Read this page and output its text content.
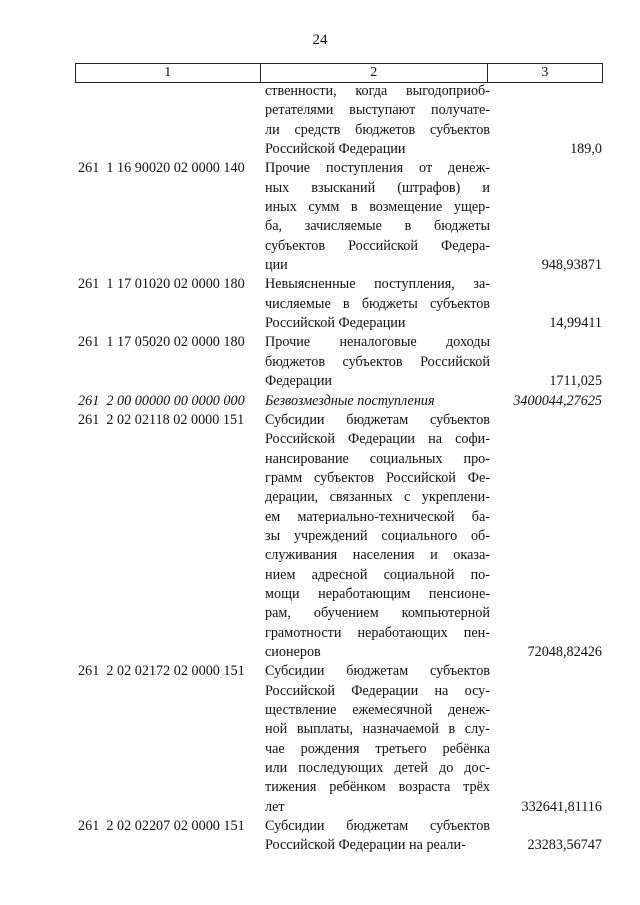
24
1	2	3
ственности, когда выгодоприоб-
ретателями выступают получате-
ли средств бюджетов субъектов
Российской Федерации	189,0
261  1 16 90020 02 0000 140	Прочие поступления от денеж-
ных взысканий (штрафов) и
иных сумм в возмещение ущер-
ба, зачисляемые в бюджеты
субъектов Российской Федера-
ции	948,93871
261  1 17 01020 02 0000 180	Невыясненные поступления, за-
числяемые в бюджеты субъектов
Российской Федерации	14,99411
261  1 17 05020 02 0000 180	Прочие неналоговые доходы
бюджетов субъектов Российской
Федерации	1711,025
261  2 00 00000 00 0000 000	Безвозмездные поступления	3400044,27625
261  2 02 02118 02 0000 151	Субсидии бюджетам субъектов
Российской Федерации на софи-
нансирование социальных про-
грамм субъектов Российской Фе-
дерации, связанных с укреплени-
ем материально-технической ба-
зы учреждений социального об-
служивания населения и оказа-
нием адресной социальной по-
мощи неработающим пенсионе-
рам, обучением компьютерной
грамотности неработающих пен-
сионеров	72048,82426
261  2 02 02172 02 0000 151	Субсидии бюджетам субъектов
Российской Федерации на осу-
ществление ежемесячной денеж-
ной выплаты, назначаемой в слу-
чае рождения третьего ребёнка
или последующих детей до дос-
тижения ребёнком возраста трёх
лет	332641,81116
261  2 02 02207 02 0000 151	Субсидии бюджетам субъектов
Российской Федерации на реали-	23283,56747
